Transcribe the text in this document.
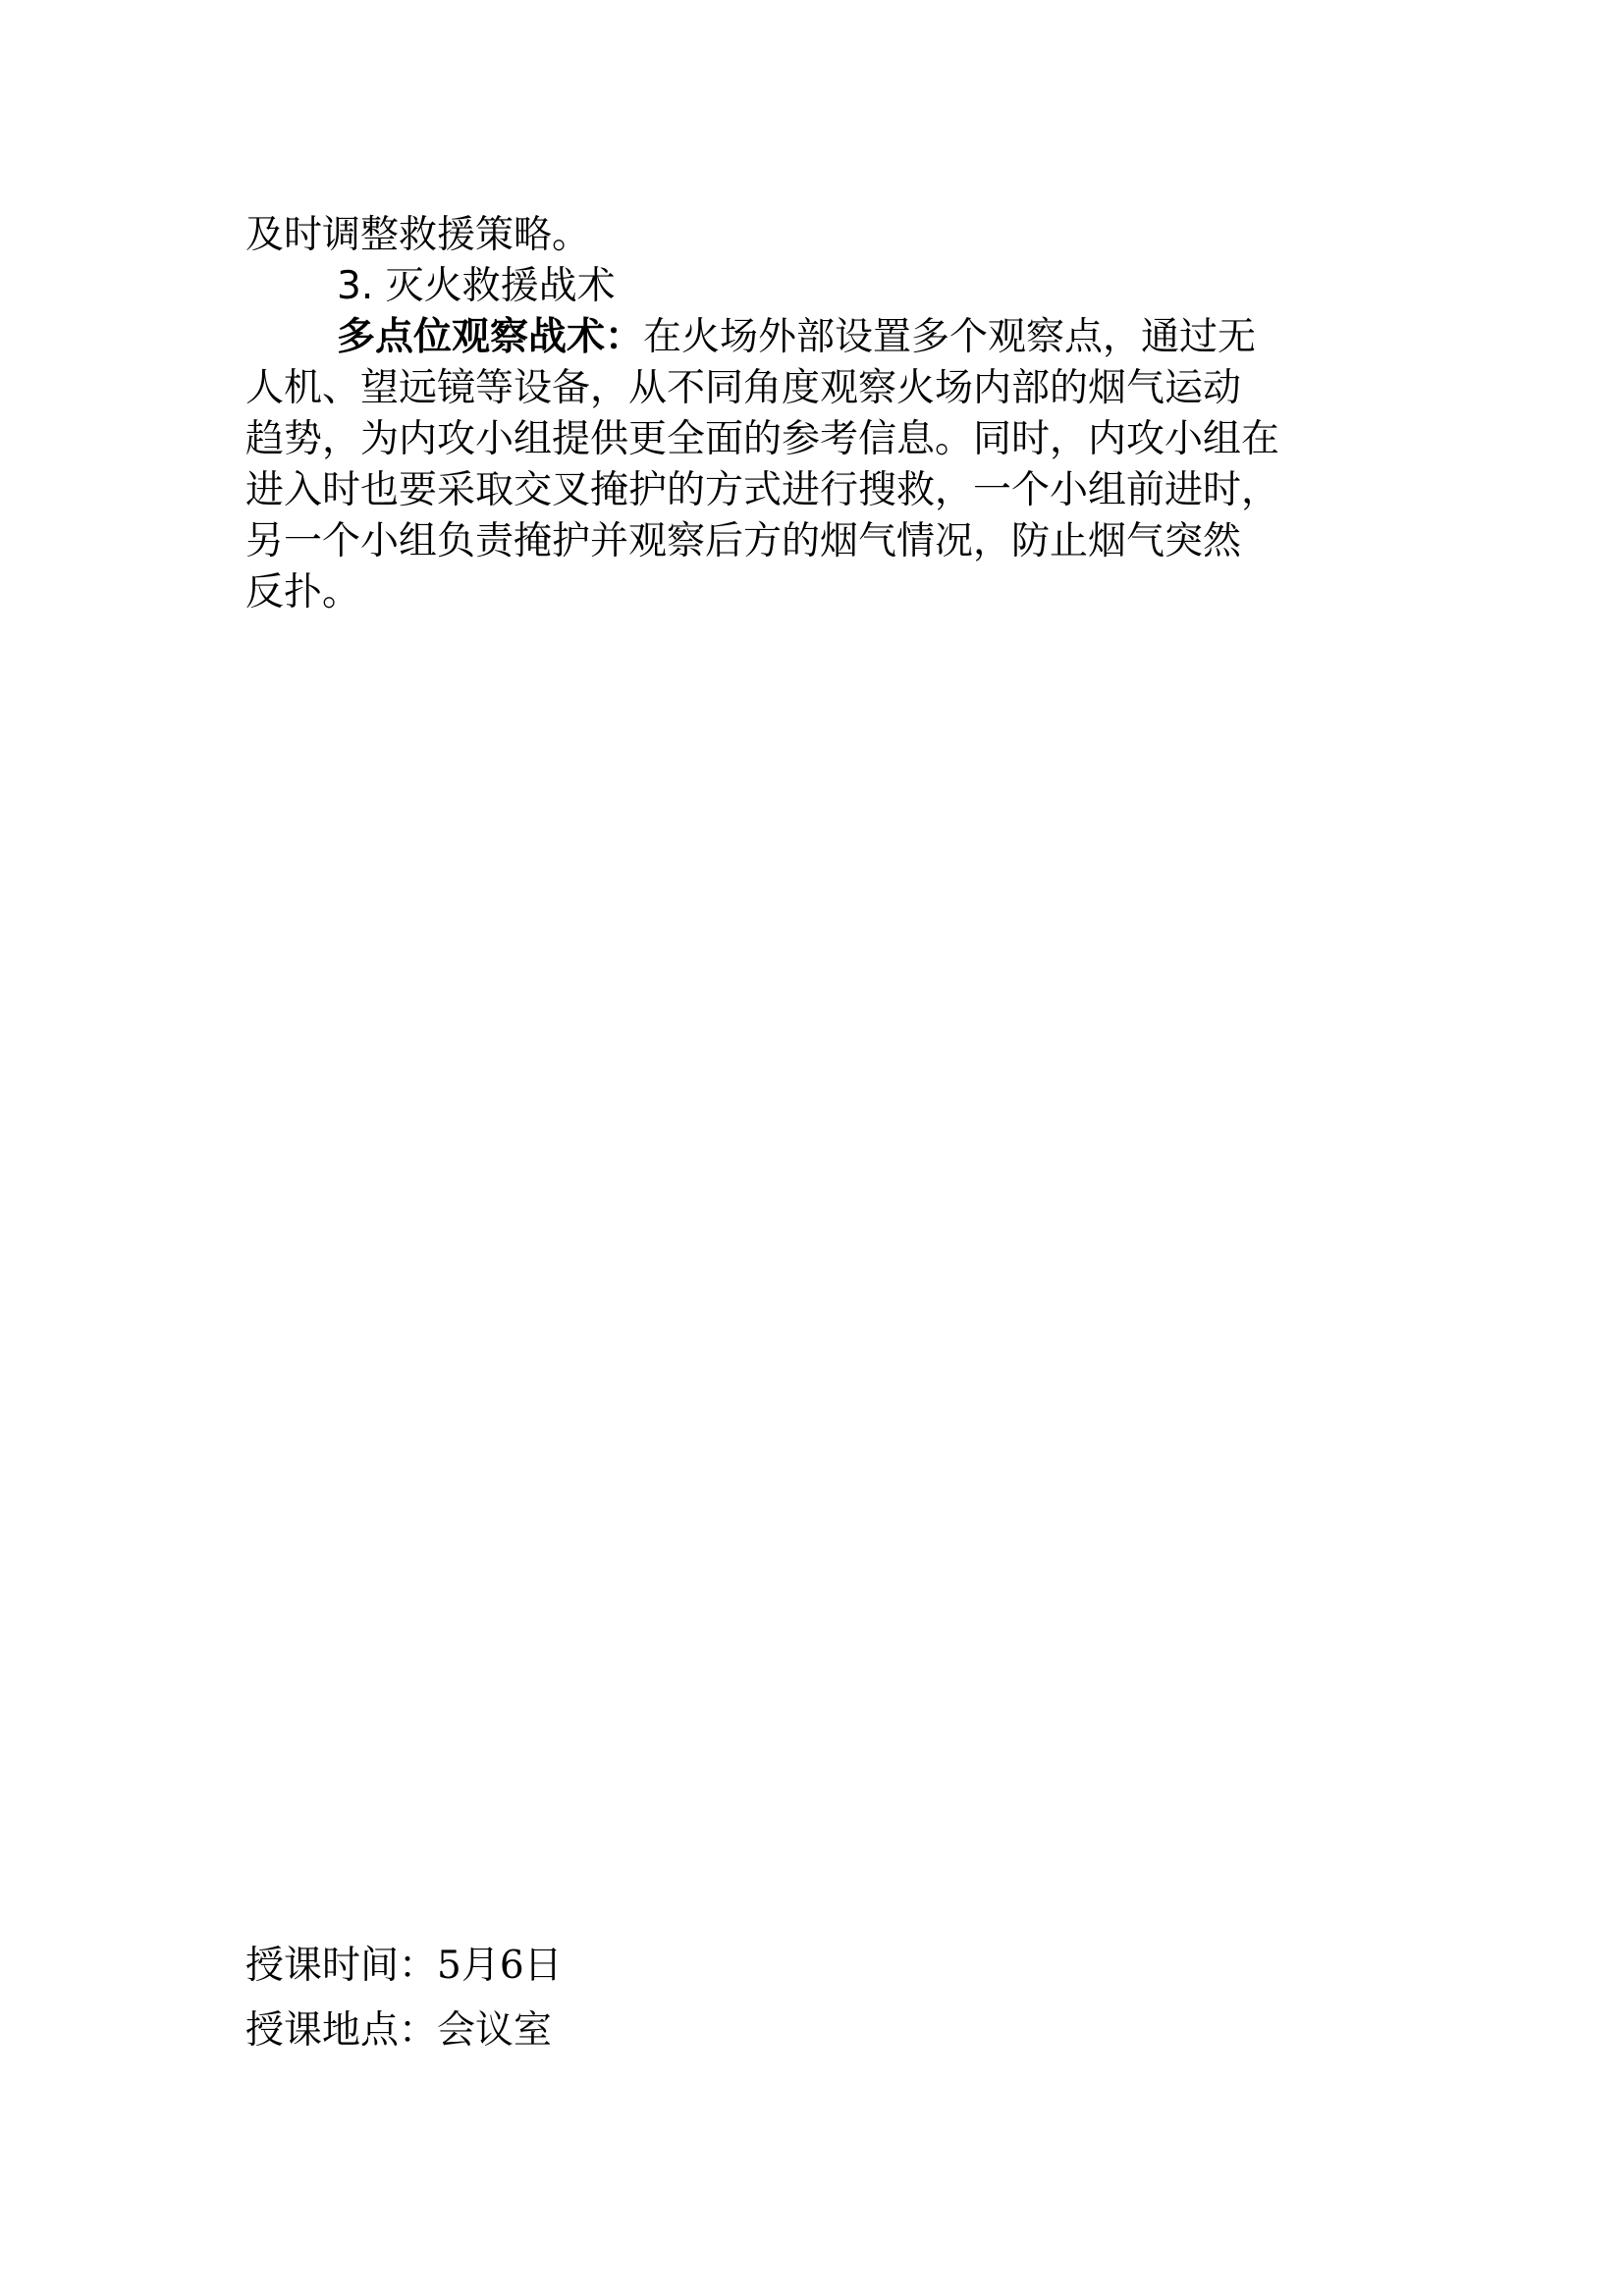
及时调整救援策略。

3. 灭火救援战术

多点位观察战术：在火场外部设置多个观察点，通过无

人机、望远镜等设备，从不同角度观察火场内部的烟气运动

趋势，为内攻小组提供更全面的参考信息。同时，内攻小组在

进入时也要采取交叉掩护的方式进行搜救，一个小组前进时，

另一个小组负责掩护并观察后方的烟气情况，防止烟气突然

反扑。

授课时间：5月6日

授课地点：会议室
